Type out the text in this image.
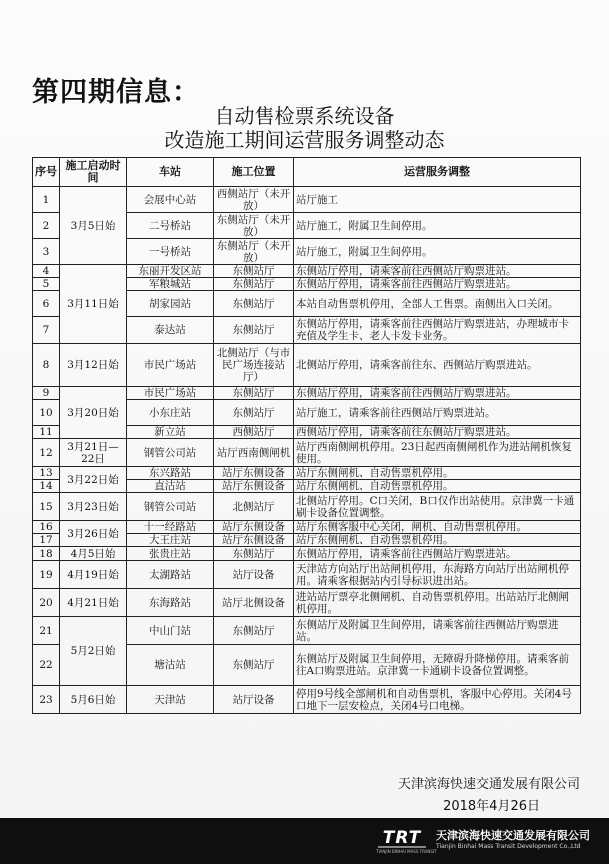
第四期信息：
自动售检票系统设备
改造施工期间运营服务调整动态
序号	施工启动时间	车站	施工位置	运营服务调整
1	3月5日始	会展中心站	西侧站厅（未开放）	站厅施工
2		二号桥站	东侧站厅（未开放）	站厅施工，附属卫生间停用。
3		一号桥站	东侧站厅（未开放）	站厅施工，附属卫生间停用。
4	3月11日始	东丽开发区站	东侧站厅	东侧站厅停用，请乘客前往西侧站厅购票进站。
5		军粮城站	东侧站厅	东侧站厅停用，请乘客前往西侧站厅购票进站。
6		胡家园站	东侧站厅	本站自动售票机停用，全部人工售票。南侧出入口关闭。
7		泰达站	东侧站厅	东侧站厅停用，请乘客前往西侧站厅购票进站，办理城市卡充值及学生卡、老人卡发卡业务。
8	3月12日始	市民广场站	北侧站厅（与市民广场连接站厅）	北侧站厅停用，请乘客前往东、西侧站厅购票进站。
9	3月20日始	市民广场站	东侧站厅	东侧站厅停用，请乘客前往西侧站厅购票进站。
10		小东庄站	东侧站厅	站厅施工，请乘客前往西侧站厅购票进站。
11		新立站	西侧站厅	西侧站厅停用，请乘客前往东侧站厅购票进站。
12	3月21日—22日	钢管公司站	站厅西南侧闸机	站厅西南侧闸机停用。23日起西南侧闸机作为进站闸机恢复使用。
13	3月22日始	东兴路站	站厅东侧设备	站厅东侧闸机、自动售票机停用。
14		直沽站	站厅东侧设备	站厅东侧闸机、自动售票机停用。
15	3月23日始	钢管公司站	北侧站厅	北侧站厅停用。C口关闭，B口仅作出站使用。京津冀一卡通刷卡设备位置调整。
16	3月26日始	十一经路站	站厅东侧设备	站厅东侧客服中心关闭，闸机、自动售票机停用。
17		大王庄站	站厅东侧设备	站厅东侧闸机、自动售票机停用。
18	4月5日始	张贵庄站	东侧站厅	东侧站厅停用，请乘客前往西侧站厅购票进站。
19	4月19日始	太湖路站	站厅设备	天津站方向站厅出站闸机停用，东海路方向站厅出站闸机停用。请乘客根据站内引导标识进出站。
20	4月21日始	东海路站	站厅北侧设备	进站站厅票亭北侧闸机、自动售票机停用。出站站厅北侧闸机停用。
21	5月2日始	中山门站	东侧站厅	东侧站厅及附属卫生间停用，请乘客前往西侧站厅购票进站。
22		塘沽站	东侧站厅	东侧站厅及附属卫生间停用，无障碍升降梯停用。请乘客前往A口购票进站。京津冀一卡通刷卡设备位置调整。
23	5月6日始	天津站	站厅设备	停用9号线全部闸机和自动售票机，客服中心停用。关闭4号口地下一层安检点，关闭4号口电梯。
天津滨海快速交通发展有限公司
2018年4月26日
TRT
TIANJIN BINHAI MASS TRANSIT
天津滨海快速交通发展有限公司
Tianjin Binhai Mass Transit Development Co.,Ltd
